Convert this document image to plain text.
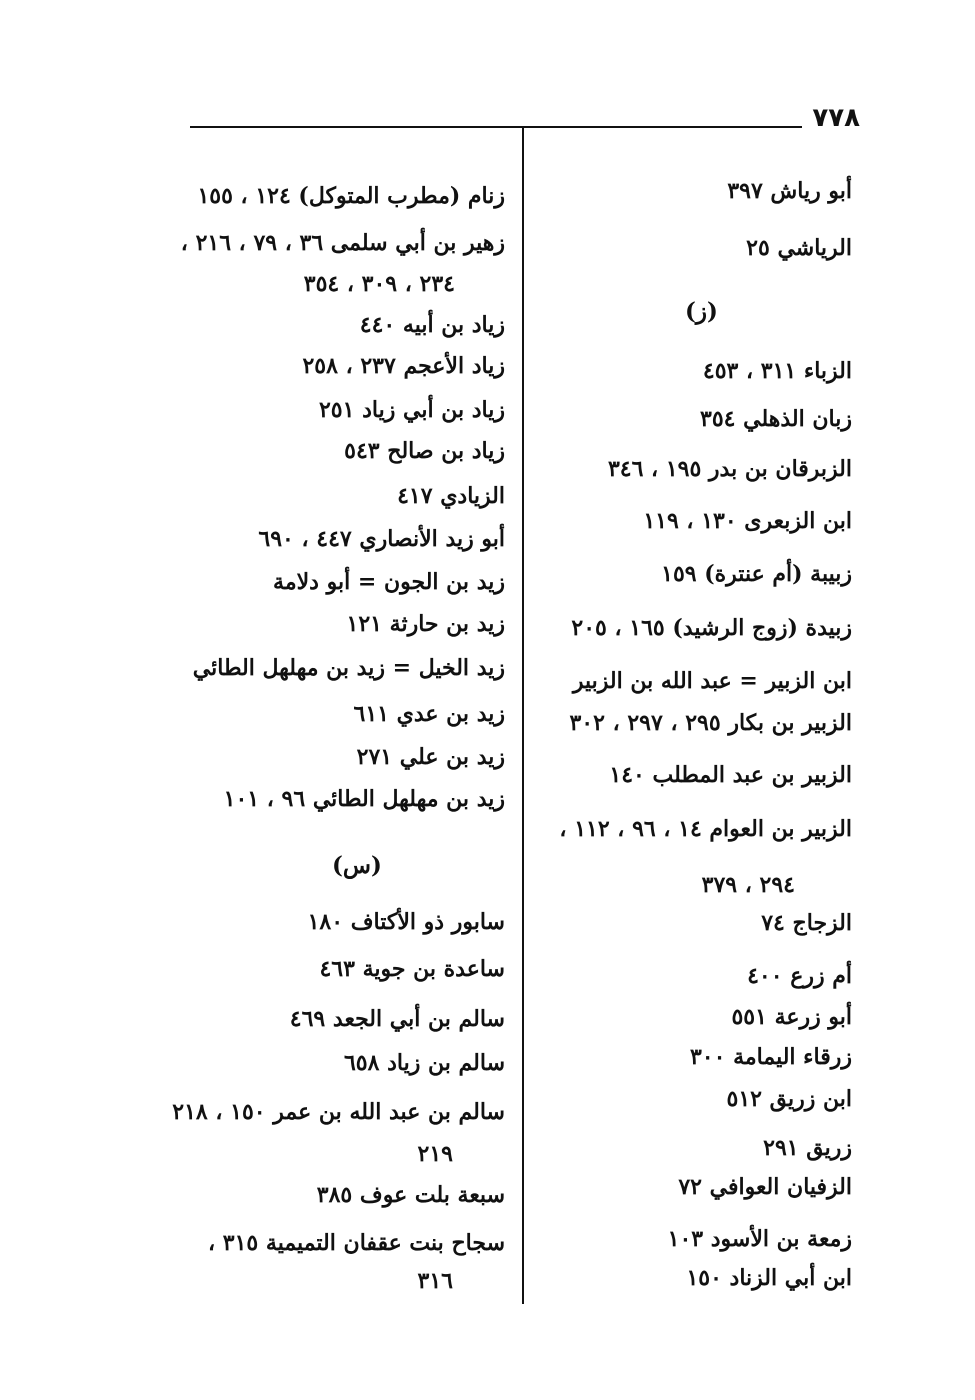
٧٧٨
أبو رياش ٣٩٧
الرياشي ٢٥
(ز)
الزباء ٣١١ ، ٤٥٣
زبان الذهلي ٣٥٤
الزبرقان بن بدر ١٩٥ ، ٣٤٦
ابن الزبعرى ١٣٠ ، ١١٩
زبيبة (أم عنترة) ١٥٩
زبيدة (زوج الرشيد) ١٦٥ ، ٢٠٥
ابن الزبير = عبد الله بن الزبير
الزبير بن بكار ٢٩٥ ، ٢٩٧ ، ٣٠٢
الزبير بن عبد المطلب ١٤٠
الزبير بن العوام ١٤ ، ٩٦ ، ١١٢ ،
٢٩٤ ، ٣٧٩
الزجاج ٧٤
أم زرع ٤٠٠
أبو زرعة ٥٥١
زرقاء اليمامة ٣٠٠
ابن زريق ٥١٢
زريق ٢٩١
الزفيان العوافي ٧٢
زمعة بن الأسود ١٠٣
ابن أبي الزناد ١٥٠
زنام (مطرب المتوكل) ١٢٤ ، ١٥٥
زهير بن أبي سلمى ٣٦ ، ٧٩ ، ٢١٦ ،
٢٣٤ ، ٣٠٩ ، ٣٥٤
زياد بن أبيه ٤٤٠
زياد الأعجم ٢٣٧ ، ٢٥٨
زياد بن أبي زياد ٢٥١
زياد بن صالح ٥٤٣
الزيادي ٤١٧
أبو زيد الأنصاري ٤٤٧ ، ٦٩٠
زيد بن الجون = أبو دلامة
زيد بن حارثة ١٢١
زيد الخيل = زيد بن مهلهل الطائي
زيد بن عدي ٦١١
زيد بن علي ٢٧١
زيد بن مهلهل الطائي ٩٦ ، ١٠١
(س)
سابور ذو الأكتاف ١٨٠
ساعدة بن جوية ٤٦٣
سالم بن أبي الجعد ٤٦٩
سالم بن زياد ٦٥٨
سالم بن عبد الله بن عمر ١٥٠ ، ٢١٨
٢١٩
سبعة بلت عوف ٣٨٥
سجاح بنت عقفان التميمية ٣١٥ ،
٣١٦
